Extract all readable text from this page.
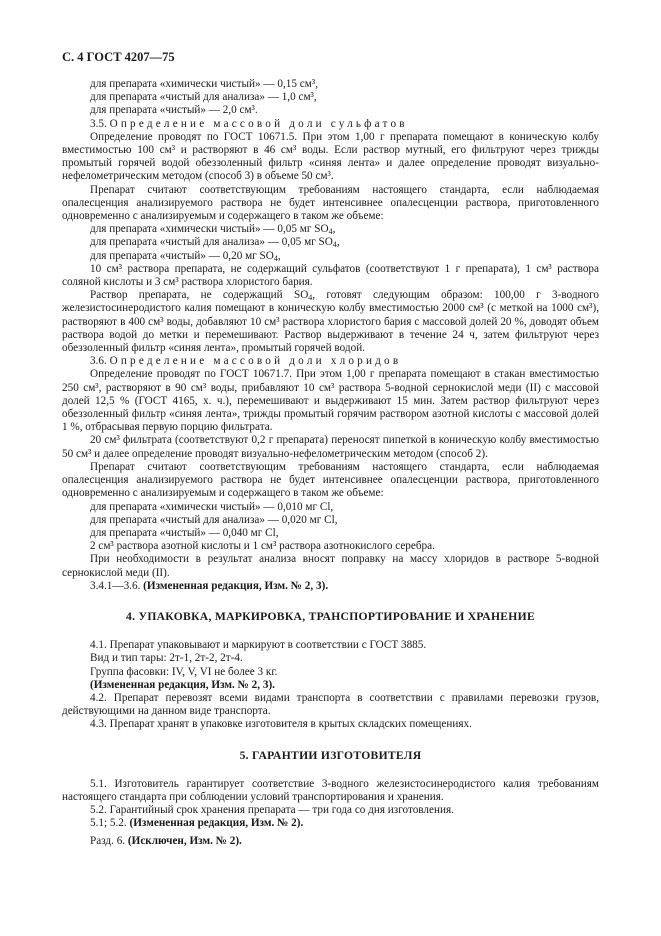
С. 4 ГОСТ 4207—75

для препарата «химически чистый» — 0,15 см³,

для препарата «чистый для анализа» — 1,0 см³,

для препарата «чистый» — 2,0 см³.

3.5. Определение массовой доли сульфатов

Определение проводят по ГОСТ 10671.5. При этом 1,00 г препарата помещают в коническую колбу вместимостью 100 см³ и растворяют в 46 см³ воды. Если раствор мутный, его фильтруют через трижды промытый горячей водой обеззоленный фильтр «синяя лента» и далее определение проводят визуально-нефелометрическим методом (способ 3) в объеме 50 см³.

Препарат считают соответствующим требованиям настоящего стандарта, если наблюдаемая опалесценция анализируемого раствора не будет интенсивнее опалесценции раствора, приготовленного одновременно с анализируемым и содержащего в таком же объеме:

для препарата «химически чистый» — 0,05 мг $SO_4$,

для препарата «чистый для анализа» — 0,05 мг $SO_4$,

для препарата «чистый» — 0,20 мг $SO_4$,

10 см³ раствора препарата, не содержащий сульфатов (соответствуют 1 г препарата), 1 см³ раствора соляной кислоты и 3 см³ раствора хлористого бария.

Раствор препарата, не содержащий $SO_4$, готовят следующим образом: 100,00 г 3-водного железистосинеродистого калия помещают в коническую колбу вместимостью 2000 см³ (с меткой на 1000 см³), растворяют в 400 см³ воды, добавляют 10 см³ раствора хлористого бария с массовой долей 20 %, доводят объем раствора водой до метки и перемешивают. Раствор выдерживают в течение 24 ч, затем фильтруют через обеззоленный фильтр «синяя лента», промытый горячей водой.

3.6. Определение массовой доли хлоридов

Определение проводят по ГОСТ 10671.7. При этом 1,00 г препарата помещают в стакан вместимостью 250 см³, растворяют в 90 см³ воды, прибавляют 10 см³ раствора 5-водной сернокислой меди (II) с массовой долей 12,5 % (ГОСТ 4165, х. ч.), перемешивают и выдерживают 15 мин. Затем раствор фильтруют через обеззоленный фильтр «синяя лента», трижды промытый горячим раствором азотной кислоты с массовой долей 1 %, отбрасывая первую порцию фильтрата.

20 см³ фильтрата (соответствуют 0,2 г препарата) переносят пипеткой в коническую колбу вместимостью 50 см³ и далее определение проводят визуально-нефелометрическим методом (способ 2).

Препарат считают соответствующим требованиям настоящего стандарта, если наблюдаемая опалесценция анализируемого раствора не будет интенсивнее опалесценции раствора, приготовленного одновременно с анализируемым и содержащего в таком же объеме:

для препарата «химически чистый» — 0,010 мг Cl,

для препарата «чистый для анализа» — 0,020 мг Cl,

для препарата «чистый» — 0,040 мг Cl,

2 см³ раствора азотной кислоты и 1 см³ раствора азотнокислого серебра.

При необходимости в результат анализа вносят поправку на массу хлоридов в растворе 5-водной сернокислой меди (II).

3.4.1—3.6. (Измененная редакция, Изм. № 2, 3).

4. УПАКОВКА, МАРКИРОВКА, ТРАНСПОРТИРОВАНИЕ И ХРАНЕНИЕ

4.1. Препарат упаковывают и маркируют в соответствии с ГОСТ 3885.

Вид и тип тары: 2т-1, 2т-2, 2т-4.

Группа фасовки: IV, V, VI не более 3 кг.

(Измененная редакция, Изм. № 2, 3).

4.2. Препарат перевозят всеми видами транспорта в соответствии с правилами перевозки грузов, действующими на данном виде транспорта.

4.3. Препарат хранят в упаковке изготовителя в крытых складских помещениях.

5. ГАРАНТИИ ИЗГОТОВИТЕЛЯ

5.1. Изготовитель гарантирует соответствие 3-водного железистосинеродистого калия требованиям настоящего стандарта при соблюдении условий транспортирования и хранения.

5.2. Гарантийный срок хранения препарата — три года со дня изготовления.

5.1; 5.2. (Измененная редакция, Изм. № 2).

Разд. 6. (Исключен, Изм. № 2).
